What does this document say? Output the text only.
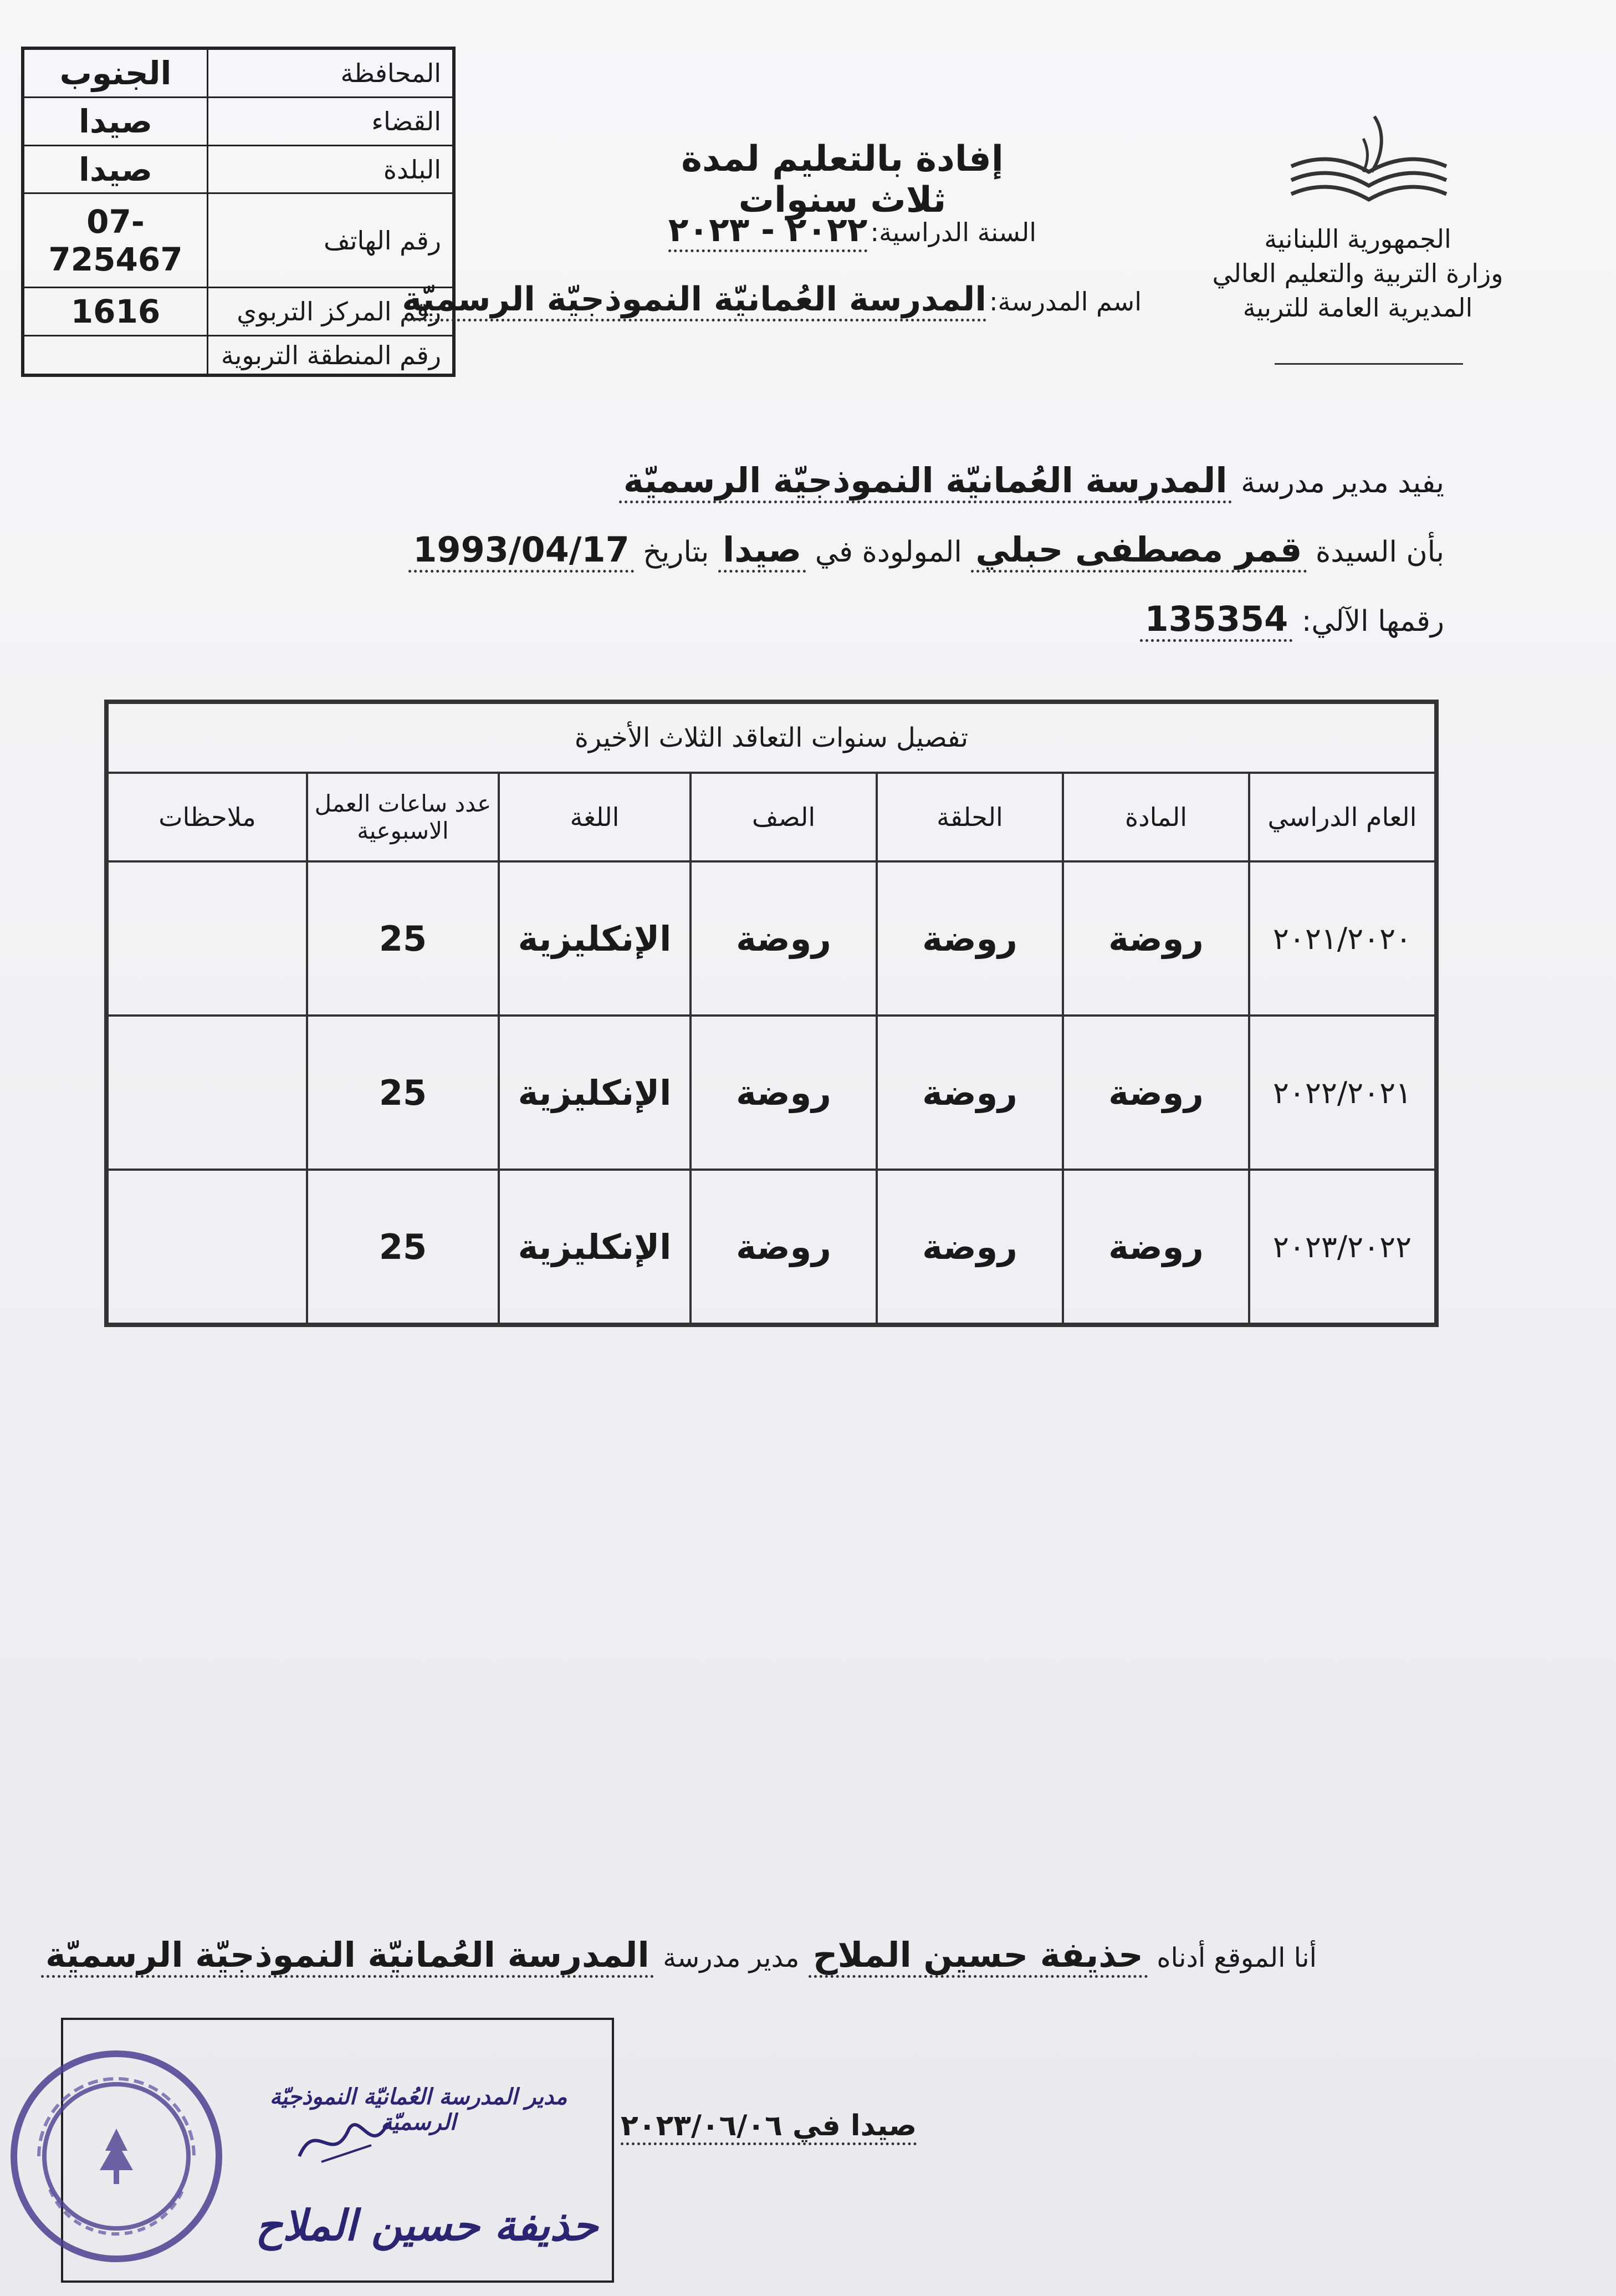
المحافظة	الجنوب
القضاء	صيدا
البلدة	صيدا
رقم الهاتف	07-725467
رقم المركز التربوي	1616
رقم المنطقة التربوية	
إفادة بالتعليم لمدة ثلاث سنوات
السنة الدراسية: ٢٠٢٢ - ٢٠٢٣
اسم المدرسة: المدرسة العُمانيّة النموذجيّة الرسميّة
الجمهورية اللبنانية
وزارة التربية والتعليم العالي
المديرية العامة للتربية
يفيد مدير مدرسة المدرسة العُمانيّة النموذجيّة الرسميّة
بأن السيدة قمر مصطفى حبلي المولودة في صيدا بتاريخ 1993/04/17
رقمها الآلي: 135354
تفصيل سنوات التعاقد الثلاث الأخيرة						
العام الدراسي	المادة	الحلقة	الصف	اللغة	عدد ساعات العمل الاسبوعية	ملاحظات
٢٠٢١/٢٠٢٠	روضة	روضة	روضة	الإنكليزية	25	
٢٠٢٢/٢٠٢١	روضة	روضة	روضة	الإنكليزية	25	
٢٠٢٣/٢٠٢٢	روضة	روضة	روضة	الإنكليزية	25	
أنا الموقع أدناه حذيفة حسين الملاح مدير مدرسة المدرسة العُمانيّة النموذجيّة الرسميّة
مدير المدرسة العُمانيّة النموذجيّة الرسميّة
حذيفة حسين الملاح
صيدا في ٢٠٢٣/٠٦/٠٦
